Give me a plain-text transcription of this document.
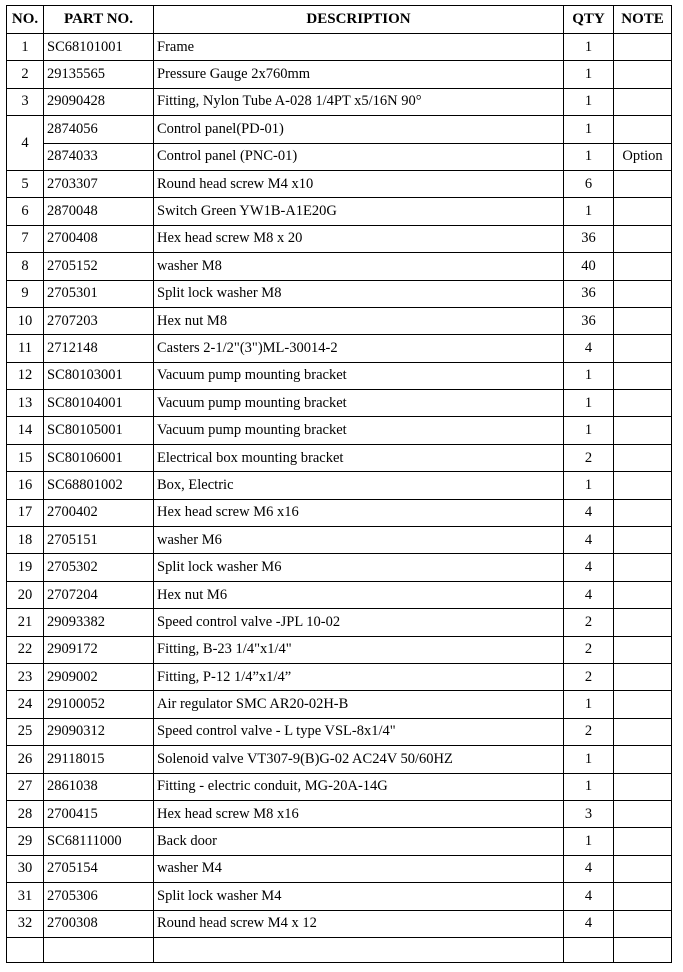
NO.	PART NO.	DESCRIPTION	QTY	NOTE
1	SC68101001	Frame	1	
2	29135565	Pressure Gauge 2x760mm	1	
3	29090428	Fitting, Nylon Tube A-028 1/4PT x5/16N 90°	1	
4	2874056	Control panel(PD-01)	1	
	2874033	Control panel (PNC-01)	1	Option
5	2703307	Round head screw M4 x10	6	
6	2870048	Switch Green YW1B-A1E20G	1	
7	2700408	Hex head screw M8 x 20	36	
8	2705152	washer M8	40	
9	2705301	Split lock washer M8	36	
10	2707203	Hex nut M8	36	
11	2712148	Casters 2-1/2"(3")ML-30014-2	4	
12	SC80103001	Vacuum pump mounting bracket	1	
13	SC80104001	Vacuum pump mounting bracket	1	
14	SC80105001	Vacuum pump mounting bracket	1	
15	SC80106001	Electrical box mounting bracket	2	
16	SC68801002	Box, Electric	1	
17	2700402	Hex head screw M6 x16	4	
18	2705151	washer M6	4	
19	2705302	Split lock washer M6	4	
20	2707204	Hex nut M6	4	
21	29093382	Speed control valve -JPL 10-02	2	
22	2909172	Fitting, B-23 1/4"x1/4"	2	
23	2909002	Fitting, P-12 1/4”x1/4”	2	
24	29100052	Air regulator SMC AR20-02H-B	1	
25	29090312	Speed control valve - L type VSL-8x1/4"	2	
26	29118015	Solenoid valve VT307-9(B)G-02 AC24V 50/60HZ	1	
27	2861038	Fitting - electric conduit, MG-20A-14G	1	
28	2700415	Hex head screw M8 x16	3	
29	SC68111000	Back door	1	
30	2705154	washer M4	4	
31	2705306	Split lock washer M4	4	
32	2700308	Round head screw M4 x 12	4	
